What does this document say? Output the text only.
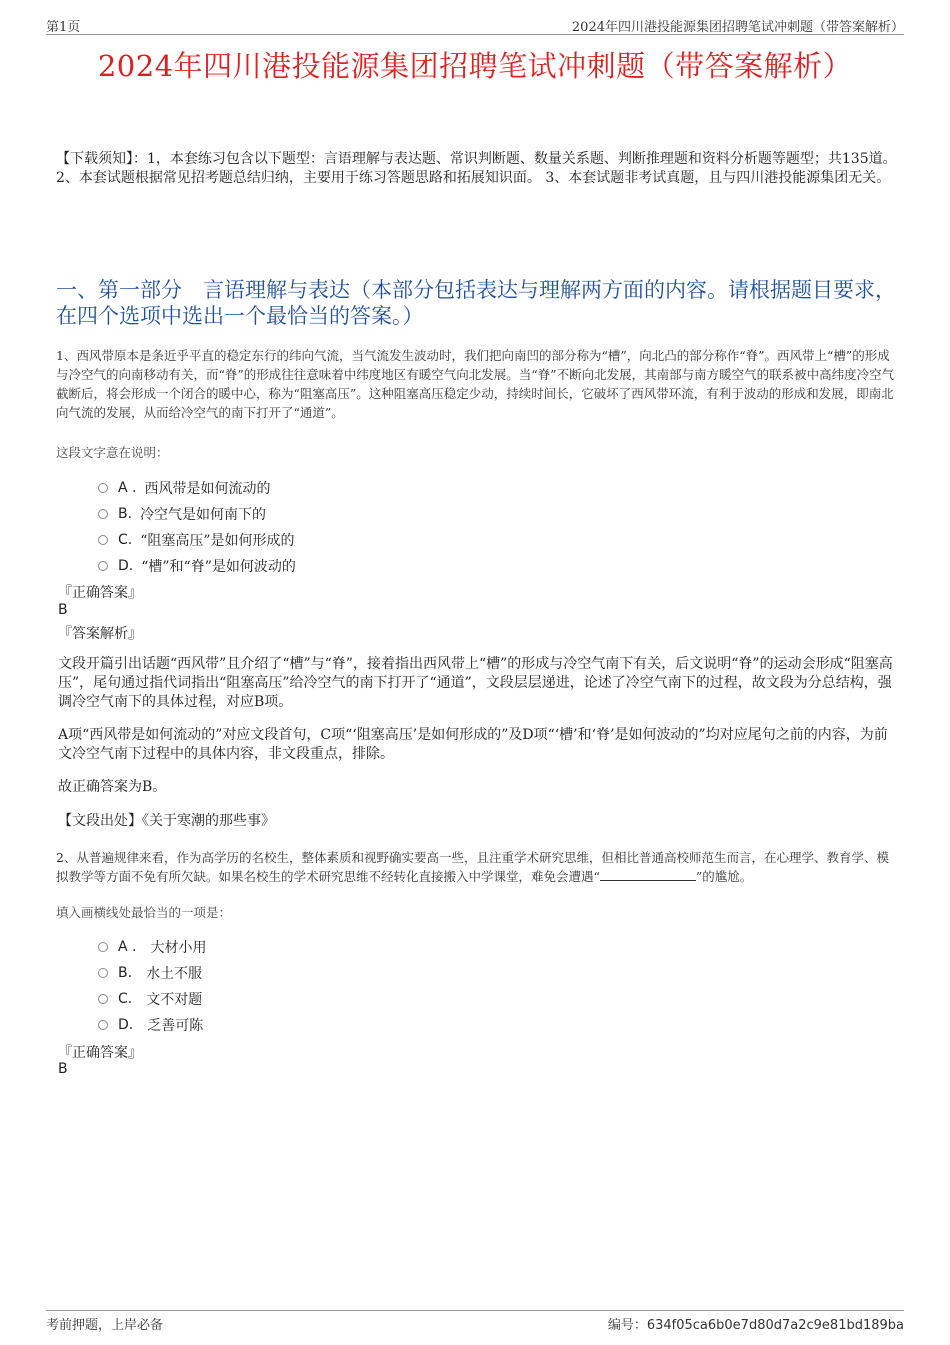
第1页	2024年四川港投能源集团招聘笔试冲刺题（带答案解析）
2024年四川港投能源集团招聘笔试冲刺题（带答案解析）
【下载须知】：1，本套练习包含以下题型：言语理解与表达题、常识判断题、数量关系题、判断推理题和资料分析题等题型；共135道。 2、本套试题根据常见招考题总结归纳，主要用于练习答题思路和拓展知识面。 3、本套试题非考试真题，且与四川港投能源集团无关。
一、第一部分　言语理解与表达（本部分包括表达与理解两方面的内容。请根据题目要求，在四个选项中选出一个最恰当的答案。）
1、西风带原本是条近乎平直的稳定东行的纬向气流，当气流发生波动时，我们把向南凹的部分称为“槽”，向北凸的部分称作“脊”。西风带上“槽”的形成与冷空气的向南移动有关，而“脊”的形成往往意味着中纬度地区有暖空气向北发展。当“脊”不断向北发展，其南部与南方暖空气的联系被中高纬度冷空气截断后，将会形成一个闭合的暖中心，称为“阻塞高压”。这种阻塞高压稳定少动，持续时间长，它破坏了西风带环流，有利于波动的形成和发展，即南北向气流的发展，从而给冷空气的南下打开了“通道”。
这段文字意在说明：
A . 西风带是如何流动的
B. 冷空气是如何南下的
C. “阻塞高压”是如何形成的
D. “槽”和“脊”是如何波动的
『正确答案』
B
『答案解析』
文段开篇引出话题“西风带”且介绍了“槽”与“脊”，接着指出西风带上“槽”的形成与冷空气南下有关，后文说明“脊”的运动会形成“阻塞高压”，尾句通过指代词指出“阻塞高压”给冷空气的南下打开了“通道”，文段层层递进，论述了冷空气南下的过程，故文段为分总结构，强调冷空气南下的具体过程，对应B项。
A项“西风带是如何流动的”对应文段首句，C项“‘阻塞高压’是如何形成的”及D项“‘槽’和‘脊’是如何波动的”均对应尾句之前的内容，为前文冷空气南下过程中的具体内容，非文段重点，排除。
故正确答案为B。
【文段出处】《关于寒潮的那些事》
2、从普遍规律来看，作为高学历的名校生，整体素质和视野确实要高一些，且注重学术研究思维，但相比普通高校师范生而言，在心理学、教育学、模拟教学等方面不免有所欠缺。如果名校生的学术研究思维不经转化直接搬入中学课堂，难免会遭遇“	”的尴尬。
填入画横线处最恰当的一项是：
A . 大材小用
B. 水土不服
C. 文不对题
D. 乏善可陈
『正确答案』
B
考前押题，上岸必备	编号：634f05ca6b0e7d80d7a2c9e81bd189ba
